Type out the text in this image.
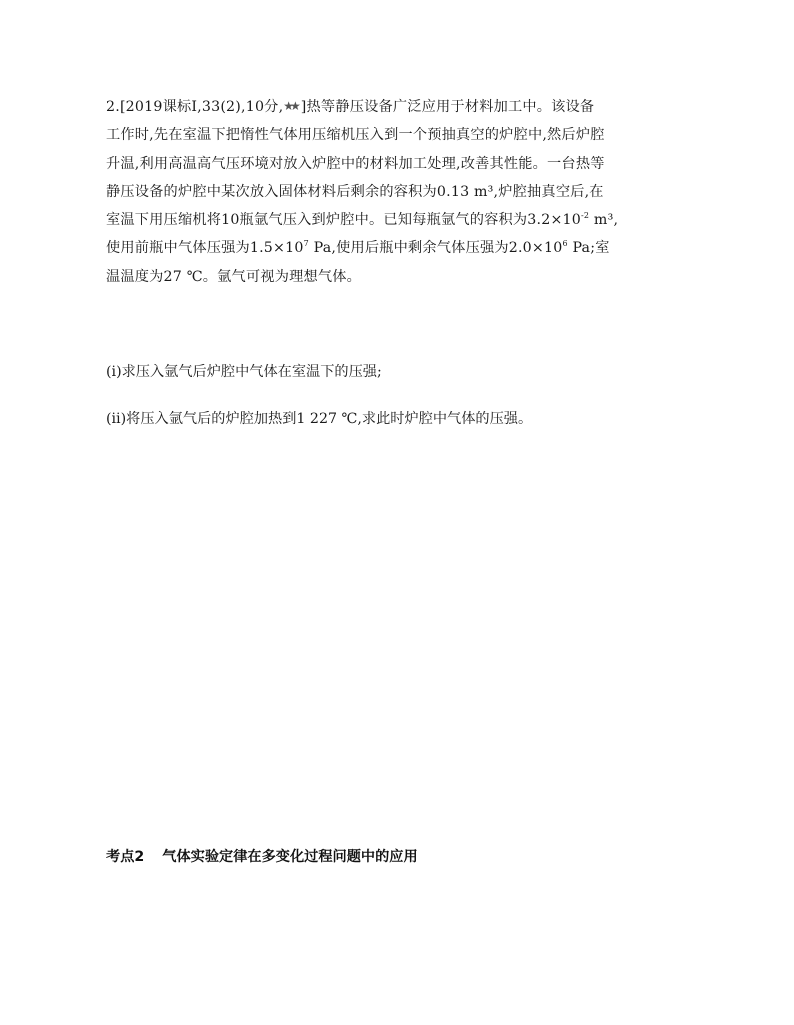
2.[2019课标Ⅰ,33(2),10分,★★ ]热等静压设备广泛应用于材料加工中。该设备
工作时,先在室温下把惰性气体用压缩机压入到一个预抽真空的炉腔中,然后炉腔
升温,利用高温高气压环境对放入炉腔中的材料加工处理,改善其性能。一台热等
静压设备的炉腔中某次放入固体材料后剩余的容积为0.13 m³,炉腔抽真空后,在
室温下用压缩机将10瓶氩气压入到炉腔中。已知每瓶氩气的容积为$3.2\times 10^{-2}$ m³,
使用前瓶中气体压强为$1.5\times 10^7$ Pa,使用后瓶中剩余气体压强为$2.0\times 10^6$ Pa;室
温温度为27 ℃。氩气可视为理想气体。
(ⅰ)求压入氩气后炉腔中气体在室温下的压强;
(ⅱ)将压入氩气后的炉腔加热到1 227 ℃,求此时炉腔中气体的压强。
考点2 气体实验定律在多变化过程问题中的应用
